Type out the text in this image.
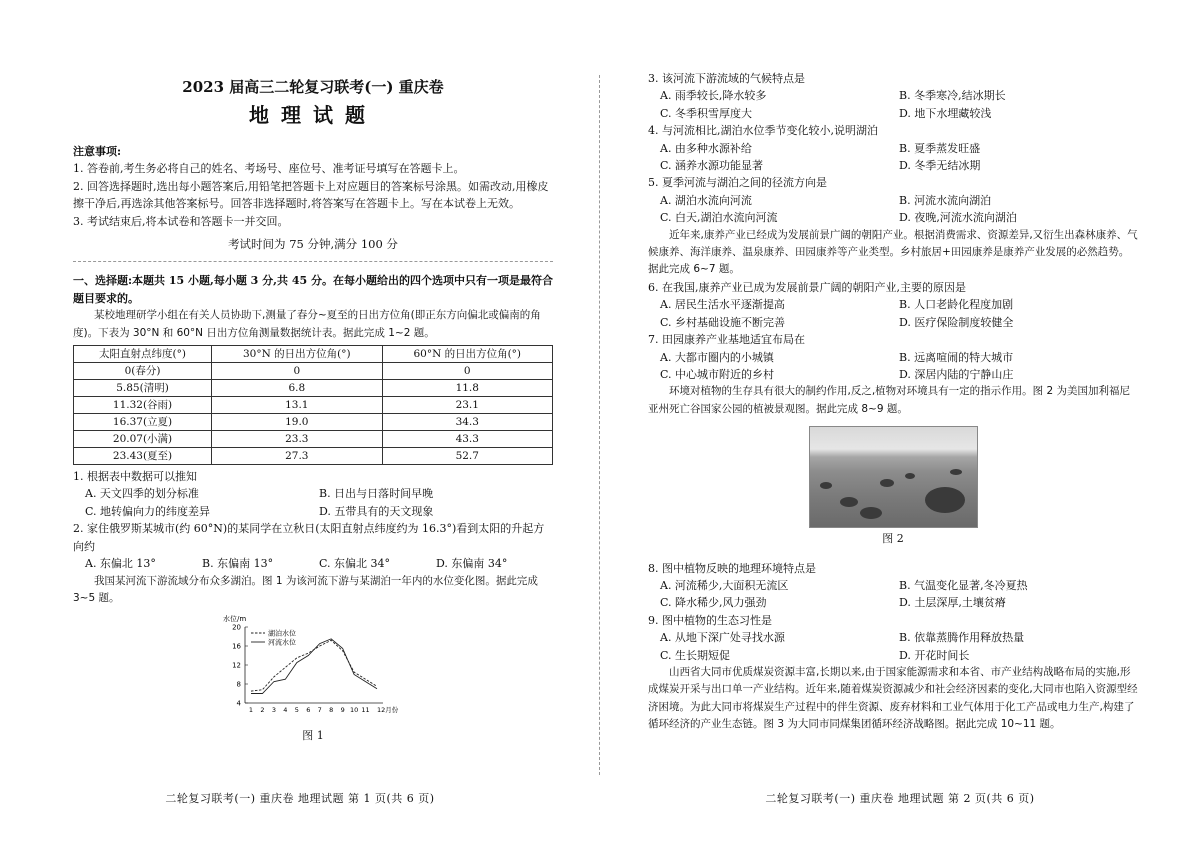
2023 届高三二轮复习联考(一) 重庆卷

地理试题

注意事项:

1. 答卷前,考生务必将自己的姓名、考场号、座位号、准考证号填写在答题卡上。

2. 回答选择题时,选出每小题答案后,用铅笔把答题卡上对应题目的答案标号涂黑。如需改动,用橡皮擦干净后,再选涂其他答案标号。回答非选择题时,将答案写在答题卡上。写在本试卷上无效。

3. 考试结束后,将本试卷和答题卡一并交回。

考试时间为 75 分钟,满分 100 分

一、选择题:本题共 15 小题,每小题 3 分,共 45 分。在每小题给出的四个选项中只有一项是最符合题目要求的。

某校地理研学小组在有关人员协助下,测量了春分~夏至的日出方位角(即正东方向偏北或偏南的角度)。下表为 30°N 和 60°N 日出方位角测量数据统计表。据此完成 1~2 题。

太阳直射点纬度(°)	30°N 的日出方位角(°)	60°N 的日出方位角(°)
0(春分)	0	0
5.85(清明)	6.8	11.8
11.32(谷雨)	13.1	23.1
16.37(立夏)	19.0	34.3
20.07(小满)	23.3	43.3
23.43(夏至)	27.3	52.7

1. 根据表中数据可以推知

A. 天文四季的划分标准	B. 日出与日落时间早晚
C. 地转偏向力的纬度差异	D. 五带具有的天文现象

2. 家住俄罗斯某城市(约 60°N)的某同学在立秋日(太阳直射点纬度约为 16.3°)看到太阳的升起方向约

A. 东偏北 13°	B. 东偏南 13°	C. 东偏北 34°	D. 东偏南 34°

我国某河流下游流域分布众多湖泊。图 1 为该河流下游与某湖泊一年内的水位变化图。据此完成 3~5 题。

水位/m
4
8
12
16
20
1 2 3 4 5 6 7 8 9 10 11 12月份
湖泊水位
河流水位

图 1

二轮复习联考(一) 重庆卷 地理试题 第 1 页(共 6 页)

3. 该河流下游流域的气候特点是

A. 雨季较长,降水较多	B. 冬季寒冷,结冰期长
C. 冬季积雪厚度大	D. 地下水埋藏较浅

4. 与河流相比,湖泊水位季节变化较小,说明湖泊

A. 由多种水源补给	B. 夏季蒸发旺盛
C. 涵养水源功能显著	D. 冬季无结冰期

5. 夏季河流与湖泊之间的径流方向是

A. 湖泊水流向河流	B. 河流水流向湖泊
C. 白天,湖泊水流向河流	D. 夜晚,河流水流向湖泊

近年来,康养产业已经成为发展前景广阔的朝阳产业。根据消费需求、资源差异,又衍生出森林康养、气候康养、海洋康养、温泉康养、田园康养等产业类型。乡村旅居+田园康养是康养产业发展的必然趋势。据此完成 6~7 题。

6. 在我国,康养产业已成为发展前景广阔的朝阳产业,主要的原因是

A. 居民生活水平逐渐提高	B. 人口老龄化程度加剧
C. 乡村基础设施不断完善	D. 医疗保险制度较健全

7. 田园康养产业基地适宜布局在

A. 大都市圈内的小城镇	B. 远离喧闹的特大城市
C. 中心城市附近的乡村	D. 深居内陆的宁静山庄

环境对植物的生存具有很大的制约作用,反之,植物对环境具有一定的指示作用。图 2 为美国加利福尼亚州死亡谷国家公园的植被景观图。据此完成 8~9 题。

图 2

8. 图中植物反映的地理环境特点是

A. 河流稀少,大面积无流区	B. 气温变化显著,冬冷夏热
C. 降水稀少,风力强劲	D. 土层深厚,土壤贫瘠

9. 图中植物的生态习性是

A. 从地下深广处寻找水源	B. 依靠蒸腾作用释放热量
C. 生长期短促	D. 开花时间长

山西省大同市优质煤炭资源丰富,长期以来,由于国家能源需求和本省、市产业结构战略布局的实施,形成煤炭开采与出口单一产业结构。近年来,随着煤炭资源减少和社会经济因素的变化,大同市也陷入资源型经济困境。为此大同市将煤炭生产过程中的伴生资源、废弃材料和工业气体用于化工产品或电力生产,构建了循环经济的产业生态链。图 3 为大同市同煤集团循环经济战略图。据此完成 10~11 题。

二轮复习联考(一) 重庆卷 地理试题 第 2 页(共 6 页)
